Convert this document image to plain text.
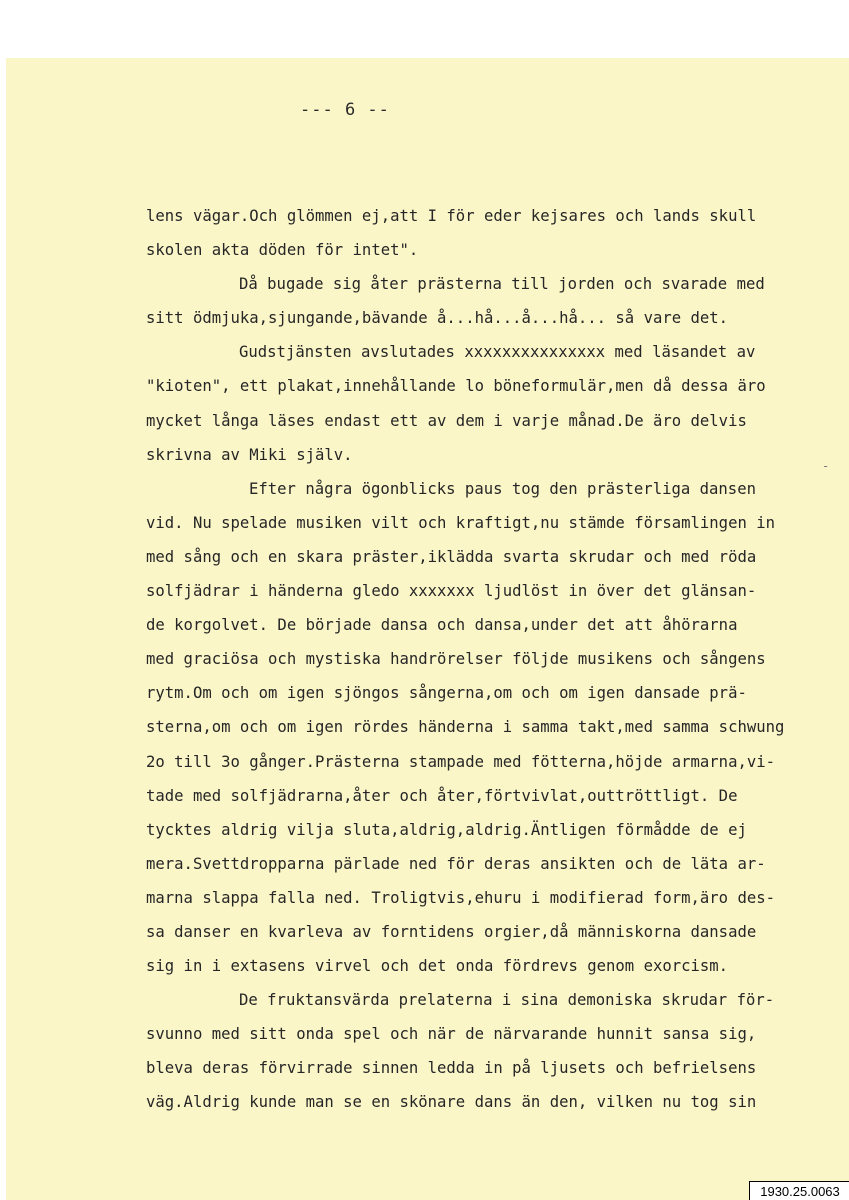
--- 6 --
lens vägar.Och glömmen ej,att I för eder kejsares och lands skull
skolen akta döden för intet".
Då bugade sig åter prästerna till jorden och svarade med
sitt ödmjuka,sjungande,bävande å...hå...å...hå... så vare det.
Gudstjänsten avslutades xxxxxxxxxxxxxxx med läsandet av
"kioten", ett plakat,innehållande lo böneformulär,men då dessa äro
mycket långa läses endast ett av dem i varje månad.De äro delvis
skrivna av Miki själv.
Efter några ögonblicks paus tog den prästerliga dansen
vid. Nu spelade musiken vilt och kraftigt,nu stämde församlingen in
med sång och en skara präster,iklädda svarta skrudar och med röda
solfjädrar i händerna gledo xxxxxxx ljudlöst in över det glänsan-
de korgolvet. De började dansa och dansa,under det att åhörarna
med graciösa och mystiska handrörelser följde musikens och sångens
rytm.Om och om igen sjöngos sångerna,om och om igen dansade prä-
sterna,om och om igen rördes händerna i samma takt,med samma schwung
2o till 3o gånger.Prästerna stampade med fötterna,höjde armarna,vi-
tade med solfjädrarna,åter och åter,förtvivlat,outtröttligt. De
tycktes aldrig vilja sluta,aldrig,aldrig.Äntligen förmådde de ej
mera.Svettdropparna pärlade ned för deras ansikten och de läta ar-
marna slappa falla ned. Troligtvis,ehuru i modifierad form,äro des-
sa danser en kvarleva av forntidens orgier,då människorna dansade
sig in i extasens virvel och det onda fördrevs genom exorcism.
De fruktansvärda prelaterna i sina demoniska skrudar för-
svunno med sitt onda spel och när de närvarande hunnit sansa sig,
bleva deras förvirrade sinnen ledda in på ljusets och befrielsens
väg.Aldrig kunde man se en skönare dans än den, vilken nu tog sin
-
1930.25.0063
